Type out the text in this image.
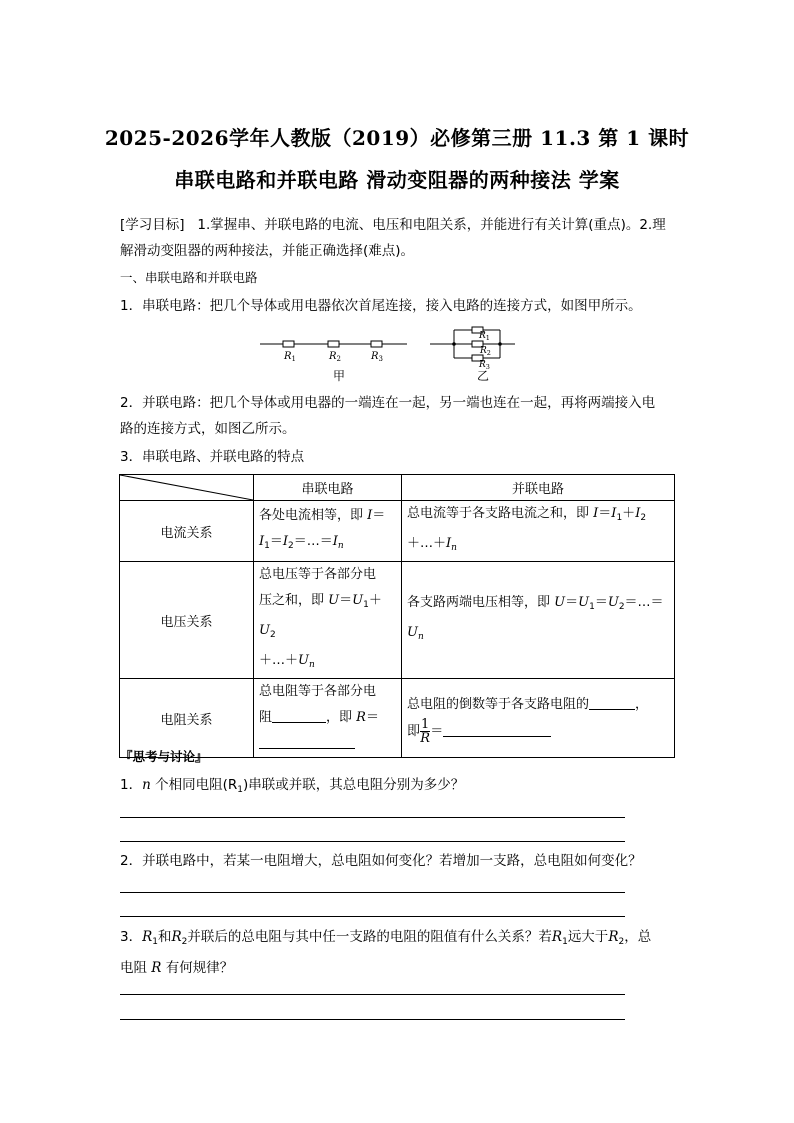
2025-2026学年人教版（2019）必修第三册 11.3 第 1 课时
串联电路和并联电路 滑动变阻器的两种接法 学案
[学习目标] 1.掌握串、并联电路的电流、电压和电阻关系，并能进行有关计算(重点)。2.理
解滑动变阻器的两种接法，并能正确选择(难点)。
一、串联电路和并联电路
1．串联电路：把几个导体或用电器依次首尾连接，接入电路的连接方式，如图甲所示。
$R_1$	$R_2$	$R_3$
甲
$R_1$
$R_2$
$R_3$
乙
2．并联电路：把几个导体或用电器的一端连在一起，另一端也连在一起，再将两端接入电
路的连接方式，如图乙所示。
3．串联电路、并联电路的特点
	串联电路	并联电路
电流关系	各处电流相等，即 I＝
$I_1=I_2=\dots=I_n$	总电流等于各支路电流之和，即 $I=I_1+I_2$
$+\dots+I_n$
电压关系	总电压等于各部分电
压之和，即 $U=U_1+U_2$
$+\dots+U_n$	各支路两端电压相等，即 $U=U_1=U_2=\dots=$
$U_n$
电阻关系	总电阻等于各部分电
阻 ，即 R＝	总电阻的倒数等于各支路电阻的 ，
即 $\frac{1}{R}$ ＝
『思考与讨论』
1．n 个相同电阻$(R_1)$串联或并联，其总电阻分别为多少？
2．并联电路中，若某一电阻增大，总电阻如何变化？若增加一支路，总电阻如何变化？
3．$R_1$和$R_2$并联后的总电阻与其中任一支路的电阻的阻值有什么关系？若$R_1$远大于$R_2$，总
电阻 R 有何规律？
